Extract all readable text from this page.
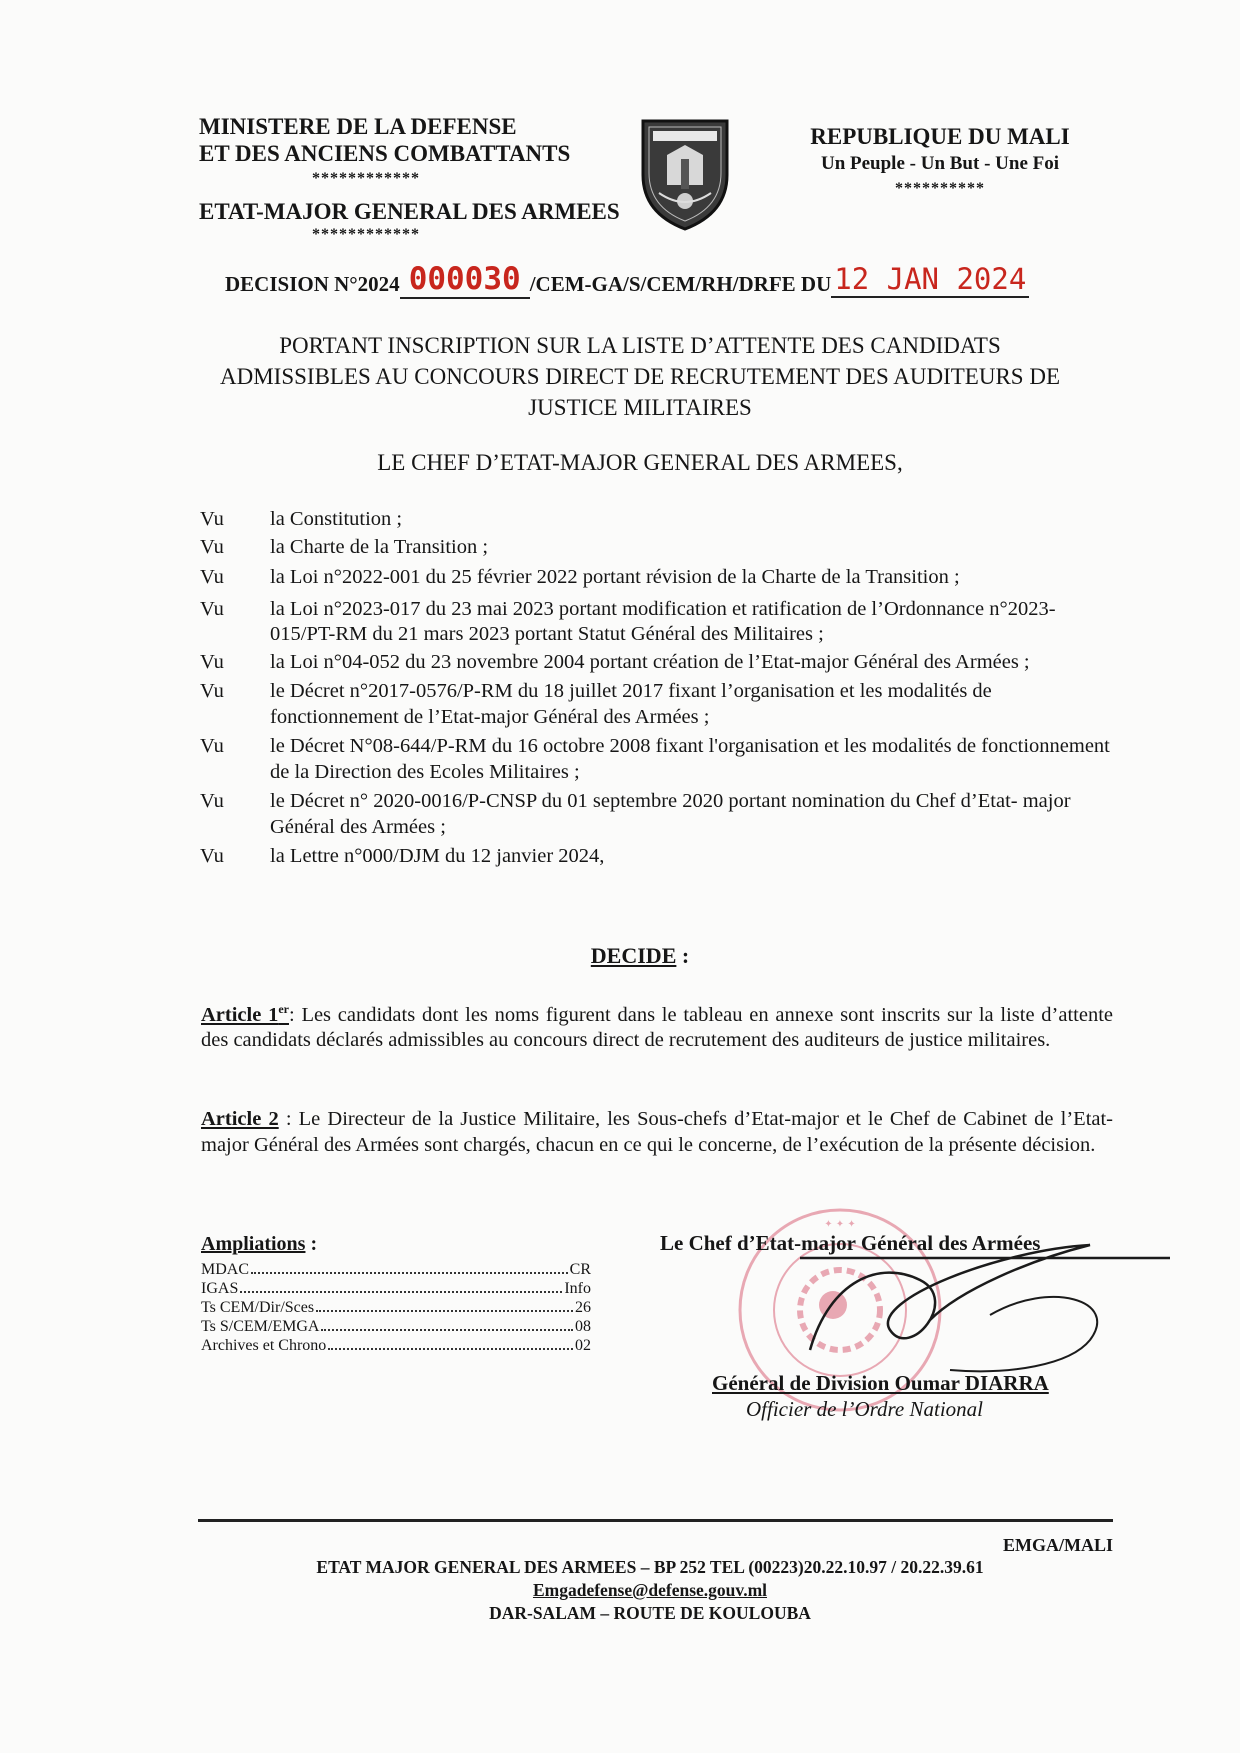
MINISTERE DE LA DEFENSE
ET DES ANCIENS COMBATTANTS
************
ETAT-MAJOR GENERAL DES ARMEES
************
REPUBLIQUE DU MALI
Un Peuple - Un But - Une Foi
**********
DECISION N°2024 000030 /CEM-GA/S/CEM/RH/DRFE DU 12 JAN 2024
PORTANT INSCRIPTION SUR LA LISTE D’ATTENTE DES CANDIDATS
ADMISSIBLES AU CONCOURS DIRECT DE RECRUTEMENT DES AUDITEURS DE
JUSTICE MILITAIRES
LE CHEF D’ETAT-MAJOR GENERAL DES ARMEES,
Vu	la Constitution ;
Vu	la Charte de la Transition ;
Vu	la Loi n°2022-001 du 25 février 2022 portant révision de la Charte de la Transition ;
Vu	la Loi n°2023-017 du 23 mai 2023 portant modification et ratification de l’Ordonnance n°2023-015/PT-RM du 21 mars 2023 portant Statut Général des Militaires ;
Vu	la Loi n°04-052 du 23 novembre 2004 portant création de l’Etat-major Général des Armées ;
Vu	le Décret n°2017-0576/P-RM du 18 juillet 2017 fixant l’organisation et les modalités de fonctionnement de l’Etat-major Général des Armées ;
Vu	le Décret N°08-644/P-RM du 16 octobre 2008 fixant l'organisation et les modalités de fonctionnement de la Direction des Ecoles Militaires ;
Vu	le Décret n° 2020-0016/P-CNSP du 01 septembre 2020 portant nomination du Chef d’Etat- major Général des Armées ;
Vu	la Lettre n°000/DJM du 12 janvier 2024,
DECIDE :
Article 1er: Les candidats dont les noms figurent dans le tableau en annexe sont inscrits sur la liste d’attente des candidats déclarés admissibles au concours direct de recrutement des auditeurs de justice militaires.
Article 2 : Le Directeur de la Justice Militaire, les Sous-chefs d’Etat-major et le Chef de Cabinet de l’Etat-major Général des Armées sont chargés, chacun en ce qui le concerne, de l’exécution de la présente décision.
Ampliations :
MDAC	CR
IGAS	Info
Ts CEM/Dir/Sces	26
Ts S/CEM/EMGA	08
Archives et Chrono	02
✦ ✦ ✦
Le Chef d’Etat-major Général des Armées
Général de Division Oumar DIARRA
Officier de l’Ordre National
EMGA/MALI
ETAT MAJOR GENERAL DES ARMEES – BP 252 TEL (00223)20.22.10.97 / 20.22.39.61
Emgadefense@defense.gouv.ml
DAR-SALAM – ROUTE DE KOULOUBA
